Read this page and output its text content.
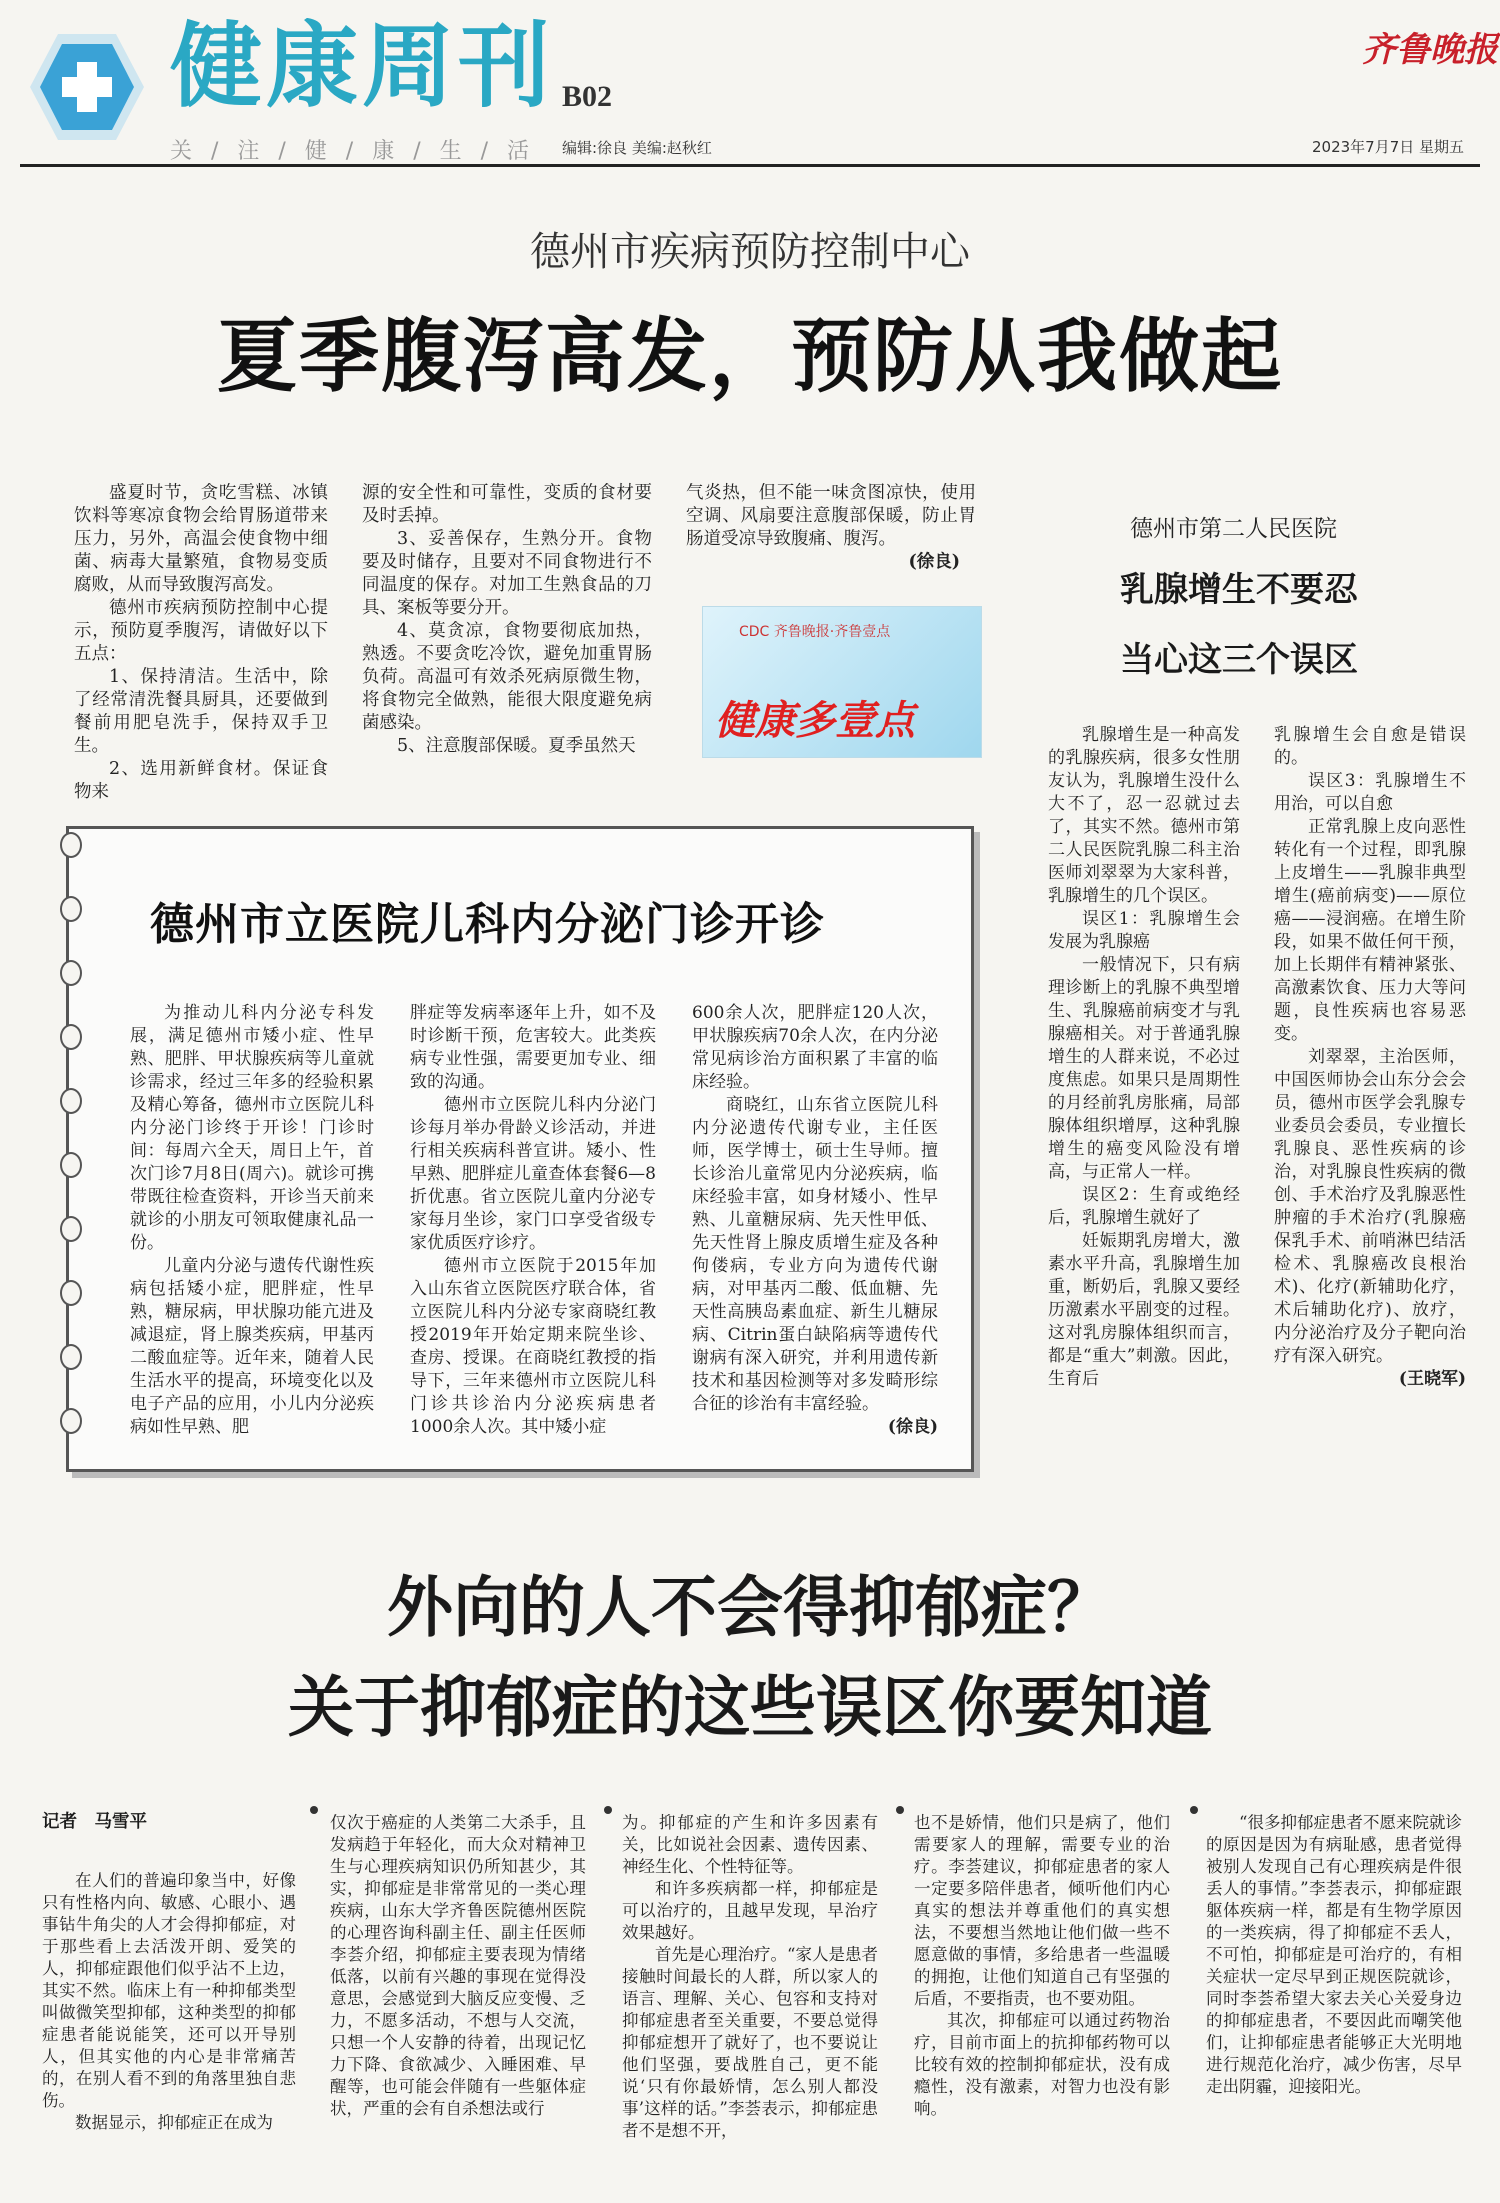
健康周刊 B02
关 / 注 / 健 / 康 / 生 / 活 编辑:徐良 美编:赵秋红
齐鲁晚报
2023年7月7日 星期五
德州市疾病预防控制中心
夏季腹泻高发，预防从我做起

盛夏时节，贪吃雪糕、冰镇饮料等寒凉食物会给胃肠道带来压力，另外，高温会使食物中细菌、病毒大量繁殖，食物易变质腐败，从而导致腹泻高发。

德州市疾病预防控制中心提示，预防夏季腹泻，请做好以下五点：

1、保持清洁。生活中，除了经常清洗餐具厨具，还要做到餐前用肥皂洗手，保持双手卫生。

2、选用新鲜食材。保证食物来

源的安全性和可靠性，变质的食材要及时丢掉。

3、妥善保存，生熟分开。食物要及时储存，且要对不同食物进行不同温度的保存。对加工生熟食品的刀具、案板等要分开。

4、莫贪凉，食物要彻底加热，熟透。不要贪吃冷饮，避免加重胃肠负荷。高温可有效杀死病原微生物，将食物完全做熟，能很大限度避免病菌感染。

5、注意腹部保暖。夏季虽然天

气炎热，但不能一味贪图凉快，使用空调、风扇要注意腹部保暖，防止胃肠道受凉导致腹痛、腹泻。

(徐良)
CDC 齐鲁晚报·齐鲁壹点
健康多壹点
德州市第二人民医院
乳腺增生不要忍
当心这三个误区

乳腺增生是一种高发的乳腺疾病，很多女性朋友认为，乳腺增生没什么大不了，忍一忍就过去了，其实不然。德州市第二人民医院乳腺二科主治医师刘翠翠为大家科普，乳腺增生的几个误区。

误区1：乳腺增生会发展为乳腺癌

一般情况下，只有病理诊断上的乳腺不典型增生、乳腺癌前病变才与乳腺癌相关。对于普通乳腺增生的人群来说，不必过度焦虑。如果只是周期性的月经前乳房胀痛，局部腺体组织增厚，这种乳腺增生的癌变风险没有增高，与正常人一样。

误区2：生育或绝经后，乳腺增生就好了

妊娠期乳房增大，激素水平升高，乳腺增生加重，断奶后，乳腺又要经历激素水平剧变的过程。这对乳房腺体组织而言，都是“重大”刺激。因此，生育后

乳腺增生会自愈是错误的。

误区3：乳腺增生不用治，可以自愈

正常乳腺上皮向恶性转化有一个过程，即乳腺上皮增生——乳腺非典型增生(癌前病变)——原位癌——浸润癌。在增生阶段，如果不做任何干预，加上长期伴有精神紧张、高激素饮食、压力大等问题，良性疾病也容易恶变。

刘翠翠，主治医师，中国医师协会山东分会会员，德州市医学会乳腺专业委员会委员，专业擅长乳腺良、恶性疾病的诊治，对乳腺良性疾病的微创、手术治疗及乳腺恶性肿瘤的手术治疗(乳腺癌保乳手术、前哨淋巴结活检术、乳腺癌改良根治术)、化疗(新辅助化疗，术后辅助化疗)、放疗，内分泌治疗及分子靶向治疗有深入研究。

(王晓军)
德州市立医院儿科内分泌门诊开诊

为推动儿科内分泌专科发展，满足德州市矮小症、性早熟、肥胖、甲状腺疾病等儿童就诊需求，经过三年多的经验积累及精心筹备，德州市立医院儿科内分泌门诊终于开诊！门诊时间：每周六全天，周日上午，首次门诊7月8日(周六)。就诊可携带既往检查资料，开诊当天前来就诊的小朋友可领取健康礼品一份。

儿童内分泌与遗传代谢性疾病包括矮小症，肥胖症，性早熟，糖尿病，甲状腺功能亢进及减退症，肾上腺类疾病，甲基丙二酸血症等。近年来，随着人民生活水平的提高，环境变化以及电子产品的应用，小儿内分泌疾病如性早熟、肥

胖症等发病率逐年上升，如不及时诊断干预，危害较大。此类疾病专业性强，需要更加专业、细致的沟通。

德州市立医院儿科内分泌门诊每月举办骨龄义诊活动，并进行相关疾病科普宣讲。矮小、性早熟、肥胖症儿童查体套餐6—8折优惠。省立医院儿童内分泌专家每月坐诊，家门口享受省级专家优质医疗诊疗。

德州市立医院于2015年加入山东省立医院医疗联合体，省立医院儿科内分泌专家商晓红教授2019年开始定期来院坐诊、查房、授课。在商晓红教授的指导下，三年来德州市立医院儿科门诊共诊治内分泌疾病患者1000余人次。其中矮小症

600余人次，肥胖症120人次，甲状腺疾病70余人次，在内分泌常见病诊治方面积累了丰富的临床经验。

商晓红，山东省立医院儿科内分泌遗传代谢专业，主任医师，医学博士，硕士生导师。擅长诊治儿童常见内分泌疾病，临床经验丰富，如身材矮小、性早熟、儿童糖尿病、先天性甲低、先天性肾上腺皮质增生症及各种佝偻病，专业方向为遗传代谢病，对甲基丙二酸、低血糖、先天性高胰岛素血症、新生儿糖尿病、Citrin蛋白缺陷病等遗传代谢病有深入研究，并利用遗传新技术和基因检测等对多发畸形综合征的诊治有丰富经验。

(徐良)
外向的人不会得抑郁症？
关于抑郁症的这些误区你要知道
记者　马雪平

在人们的普遍印象当中，好像只有性格内向、敏感、心眼小、遇事钻牛角尖的人才会得抑郁症，对于那些看上去活泼开朗、爱笑的人，抑郁症跟他们似乎沾不上边，其实不然。临床上有一种抑郁类型叫做微笑型抑郁，这种类型的抑郁症患者能说能笑，还可以开导别人，但其实他的内心是非常痛苦的，在别人看不到的角落里独自悲伤。

数据显示，抑郁症正在成为

仅次于癌症的人类第二大杀手，且发病趋于年轻化，而大众对精神卫生与心理疾病知识仍所知甚少，其实，抑郁症是非常常见的一类心理疾病，山东大学齐鲁医院德州医院的心理咨询科副主任、副主任医师李荟介绍，抑郁症主要表现为情绪低落，以前有兴趣的事现在觉得没意思，会感觉到大脑反应变慢、乏力，不愿多活动，不想与人交流，只想一个人安静的待着，出现记忆力下降、食欲减少、入睡困难、早醒等，也可能会伴随有一些躯体症状，严重的会有自杀想法或行

为。抑郁症的产生和许多因素有关，比如说社会因素、遗传因素、神经生化、个性特征等。

和许多疾病都一样，抑郁症是可以治疗的，且越早发现，早治疗效果越好。

首先是心理治疗。“家人是患者接触时间最长的人群，所以家人的语言、理解、关心、包容和支持对抑郁症患者至关重要，不要总觉得抑郁症想开了就好了，也不要说让他们坚强，要战胜自己，更不能说‘只有你最娇情，怎么别人都没事’这样的话。”李荟表示，抑郁症患者不是想不开，

也不是娇情，他们只是病了，他们需要家人的理解，需要专业的治疗。李荟建议，抑郁症患者的家人一定要多陪伴患者，倾听他们内心真实的想法并尊重他们的真实想法，不要想当然地让他们做一些不愿意做的事情，多给患者一些温暖的拥抱，让他们知道自己有坚强的后盾，不要指责，也不要劝阻。

其次，抑郁症可以通过药物治疗，目前市面上的抗抑郁药物可以比较有效的控制抑郁症状，没有成瘾性，没有激素，对智力也没有影响。

“很多抑郁症患者不愿来院就诊的原因是因为有病耻感，患者觉得被别人发现自己有心理疾病是件很丢人的事情。”李荟表示，抑郁症跟躯体疾病一样，都是有生物学原因的一类疾病，得了抑郁症不丢人，不可怕，抑郁症是可治疗的，有相关症状一定尽早到正规医院就诊，同时李荟希望大家去关心关爱身边的抑郁症患者，不要因此而嘲笑他们，让抑郁症患者能够正大光明地进行规范化治疗，减少伤害，尽早走出阴霾，迎接阳光。
